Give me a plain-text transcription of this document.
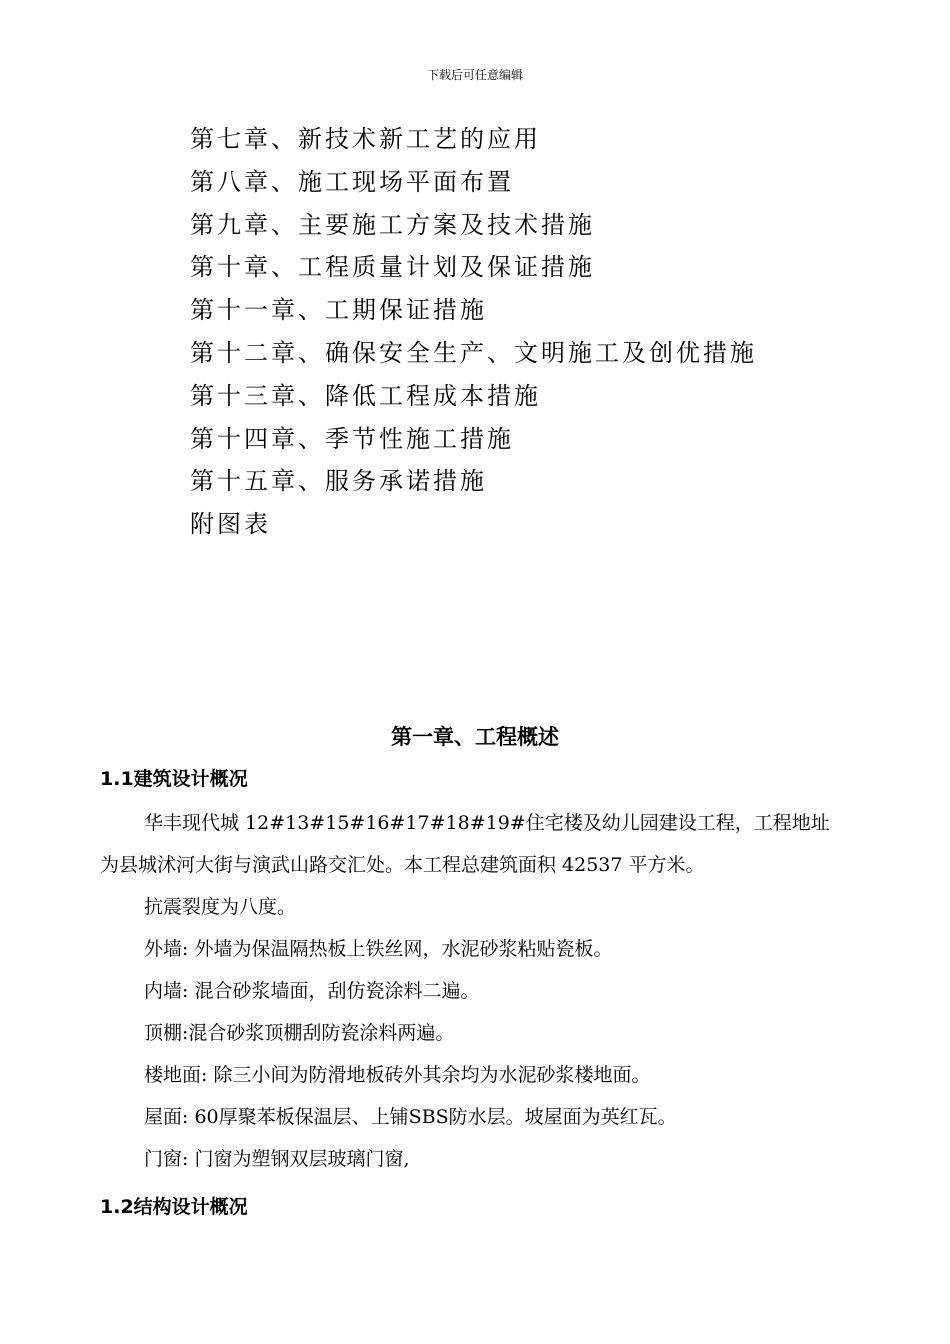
下载后可任意编辑
第七章、新技术新工艺的应用
第八章、施工现场平面布置
第九章、主要施工方案及技术措施
第十章、工程质量计划及保证措施
第十一章、工期保证措施
第十二章、确保安全生产、文明施工及创优措施
第十三章、降低工程成本措施
第十四章、季节性施工措施
第十五章、服务承诺措施
附图表
第一章、工程概述
1.1建筑设计概况

华丰现代城 12#13#15#16#17#18#19#住宅楼及幼儿园建设工程，工程地址

为县城沭河大街与演武山路交汇处。本工程总建筑面积 42537 平方米。

抗震裂度为八度。

外墙: 外墙为保温隔热板上铁丝网，水泥砂浆粘贴瓷板。

内墙: 混合砂浆墙面，刮仿瓷涂料二遍。

顶棚:混合砂浆顶棚刮防瓷涂料两遍。

楼地面: 除三小间为防滑地板砖外其余均为水泥砂浆楼地面。

屋面: 60厚聚苯板保温层、上铺SBS防水层。坡屋面为英红瓦。

门窗: 门窗为塑钢双层玻璃门窗,

1.2结构设计概况
